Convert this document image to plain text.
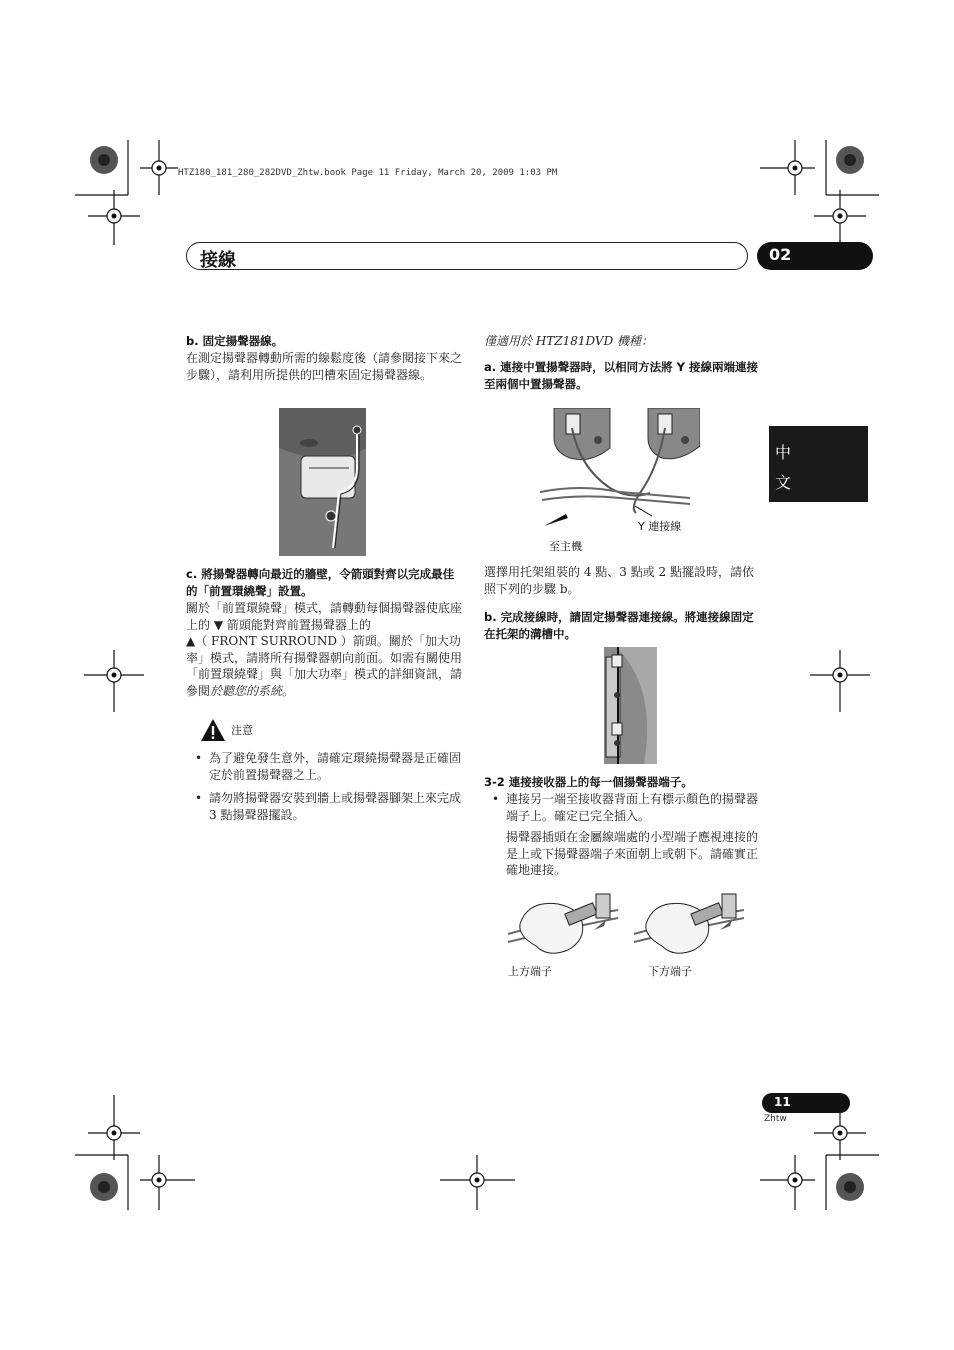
HTZ180_181_280_282DVD_Zhtw.book Page 11 Friday, March 20, 2009 1:03 PM
接線	02
中
文
b. 固定揚聲器線。
在測定揚聲器轉動所需的線鬆度後（請參閱接下來之步驟），請利用所提供的凹槽來固定揚聲器線。
c. 將揚聲器轉向最近的牆壁，令箭頭對齊以完成最佳的「前置環繞聲」設置。
關於「前置環繞聲」模式，請轉動每個揚聲器使底座上的 ▼ 箭頭能對齊前置揚聲器上的
▲（ FRONT SURROUND ）箭頭。關於「加大功率」模式，請將所有揚聲器朝向前面。如需有關使用「前置環繞聲」與「加大功率」模式的詳細資訊，請參閱於聽您的系統。
注意
• 為了避免發生意外，請確定環繞揚聲器是正確固定於前置揚聲器之上。
• 請勿將揚聲器安裝到牆上或揚聲器腳架上來完成 3 點揚聲器擺設。
僅適用於 HTZ181DVD 機種：
a. 連接中置揚聲器時，以相同方法將 Y 接線兩端連接至兩個中置揚聲器。
Y 連接線
至主機
選擇用托架組裝的 4 點、3 點或 2 點擺設時，請依照下列的步驟 b。
b. 完成接線時，請固定揚聲器連接線。將連接線固定在托架的溝槽中。
3-2 連接接收器上的每一個揚聲器端子。
• 連接另一端至接收器背面上有標示顏色的揚聲器端子上。確定已完全插入。
揚聲器插頭在金屬線端處的小型端子應視連接的是上或下揚聲器端子來面朝上或朝下。請確實正確地連接。
上方端子	下方端子
11
Zhtw
